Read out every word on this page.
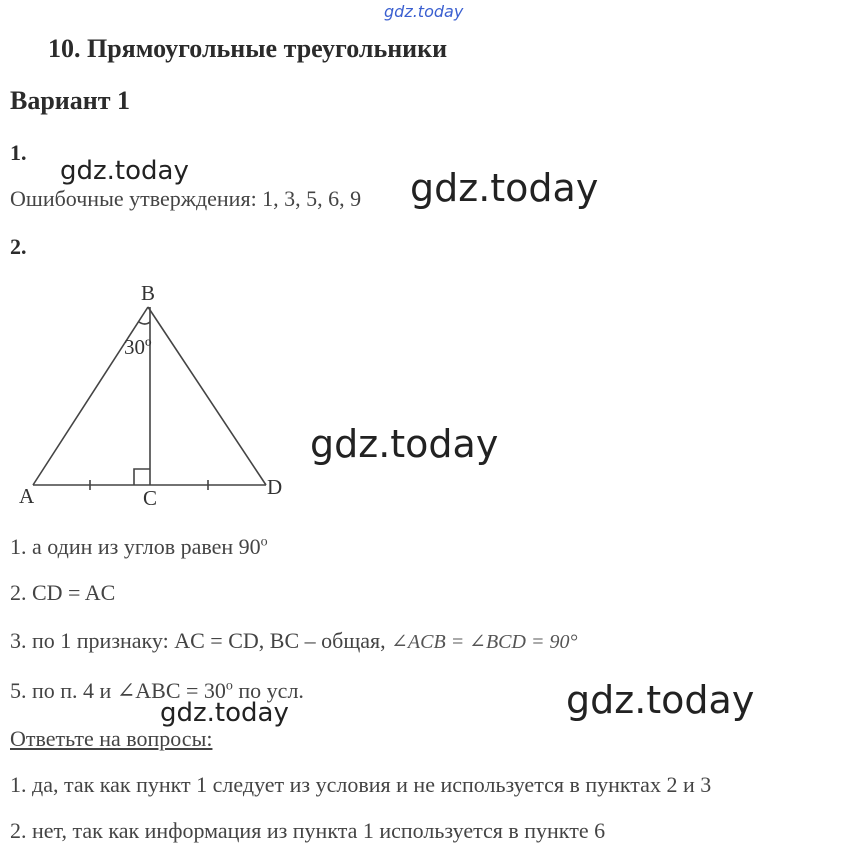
gdz.today
10. Прямоугольные треугольники
Вариант 1
1.
gdz.today
Ошибочные утверждения: 1, 3, 5, 6, 9 gdz.today
2.
B
30º
A	C	D
gdz.today
1. а один из углов равен 90$^o$
2. CD = AC
3. по 1 признаку: AC = CD, BC – общая, ∠ACB = ∠BCD = 90°
5. по п. 4 и ∠ABC = $30^o$ по усл.
gdz.today	gdz.today
Ответьте на вопросы:
1. да, так как пункт 1 следует из условия и не используется в пунктах 2 и 3
2. нет, так как информация из пункта 1 используется в пункте 6
